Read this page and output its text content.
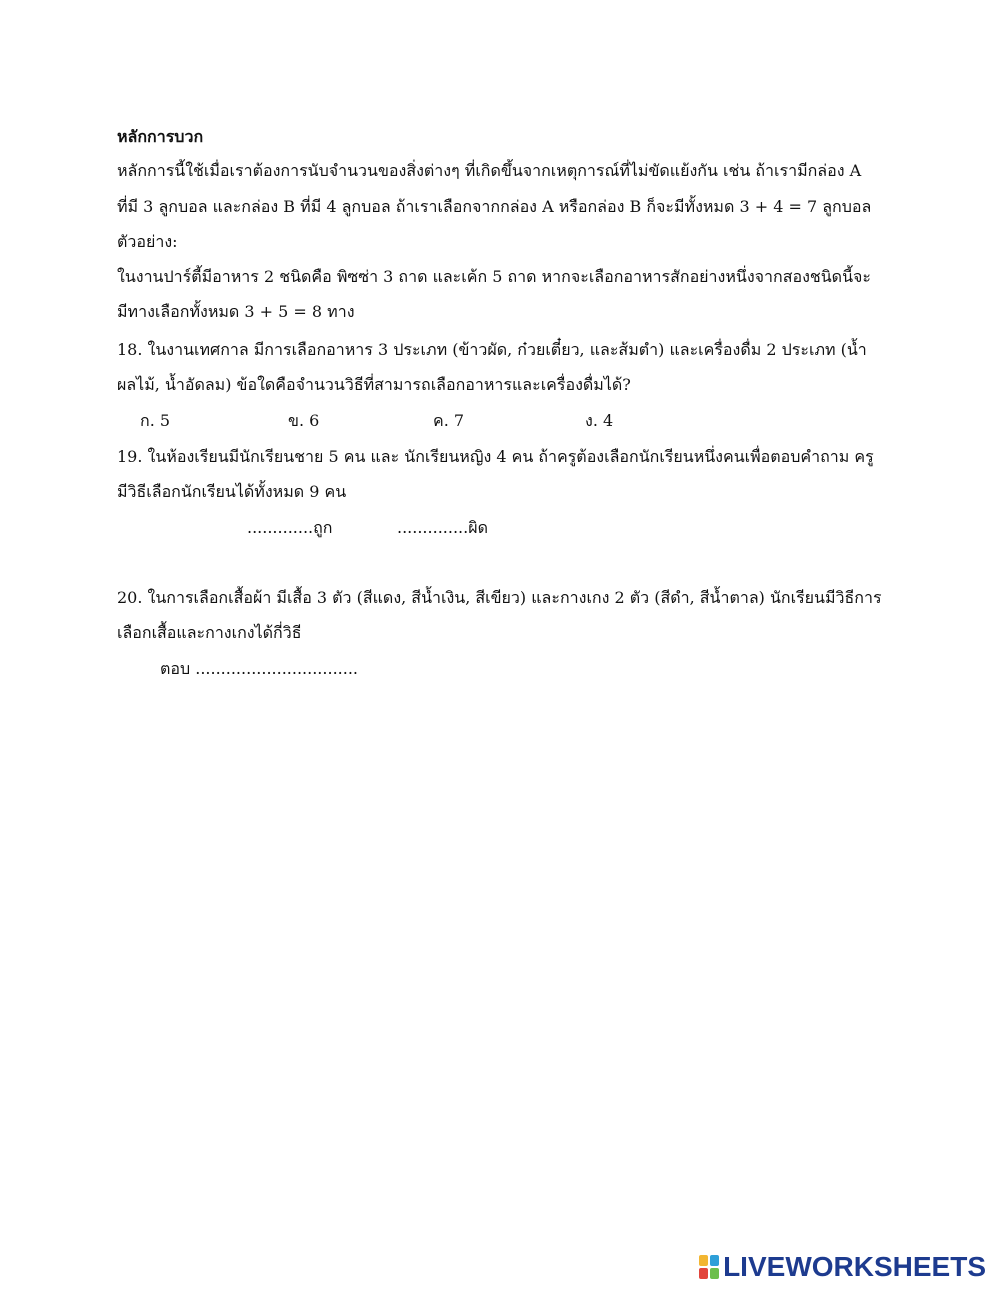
หลักการบวก
หลักการนี้ใช้เมื่อเราต้องการนับจำนวนของสิ่งต่างๆ ที่เกิดขึ้นจากเหตุการณ์ที่ไม่ขัดแย้งกัน เช่น ถ้าเรามีกล่อง A
ที่มี 3 ลูกบอล และกล่อง B ที่มี 4 ลูกบอล ถ้าเราเลือกจากกล่อง A หรือกล่อง B ก็จะมีทั้งหมด 3 + 4 = 7 ลูกบอล
ตัวอย่าง:
ในงานปาร์ตี้มีอาหาร 2 ชนิดคือ พิซซ่า 3 ถาด และเค้ก 5 ถาด หากจะเลือกอาหารสักอย่างหนึ่งจากสองชนิดนี้จะ
มีทางเลือกทั้งหมด 3 + 5 = 8 ทาง
18. ในงานเทศกาล มีการเลือกอาหาร 3 ประเภท (ข้าวผัด, ก๋วยเตี๋ยว, และส้มตำ) และเครื่องดื่ม 2 ประเภท (น้ำ
ผลไม้, น้ำอัดลม) ข้อใดคือจำนวนวิธีที่สามารถเลือกอาหารและเครื่องดื่มได้?
ก. 5	ข. 6	ค. 7	ง. 4
19. ในห้องเรียนมีนักเรียนชาย 5 คน และ นักเรียนหญิง 4 คน ถ้าครูต้องเลือกนักเรียนหนึ่งคนเพื่อตอบคำถาม ครู
มีวิธีเลือกนักเรียนได้ทั้งหมด 9 คน
.............ถูก	..............ผิด
20. ในการเลือกเสื้อผ้า มีเสื้อ 3 ตัว (สีแดง, สีน้ำเงิน, สีเขียว) และกางเกง 2 ตัว (สีดำ, สีน้ำตาล) นักเรียนมีวิธีการ
เลือกเสื้อและกางเกงได้กี่วิธี
ตอบ ................................
LIVEWORKSHEETS
